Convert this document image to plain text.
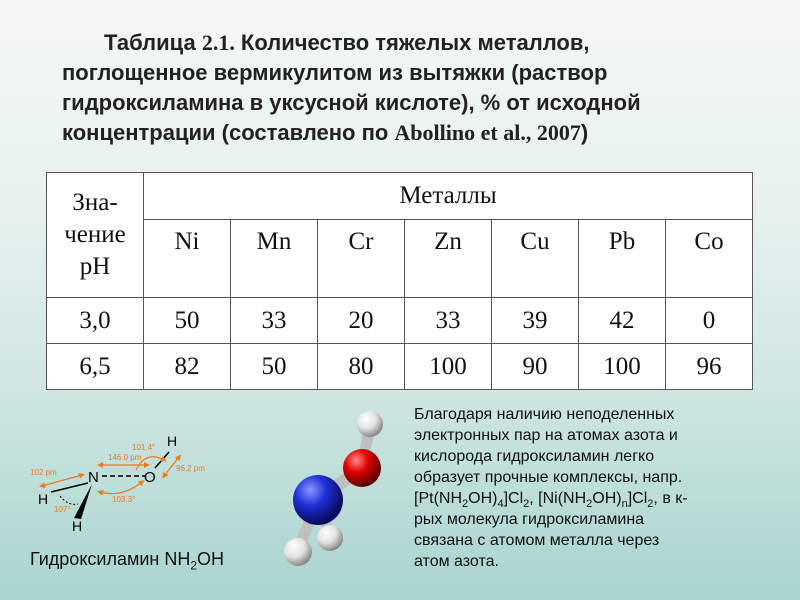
Таблица 2.1. Количество тяжелых металлов,
поглощенное вермикулитом из вытяжки (раствор
гидроксиламина в уксусной кислоте), % от исходной
концентрации (составлено по Abollino et al., 2007)
Зна-
чение
pH	Металлы						
	Ni	Mn	Cr	Zn	Cu	Pb	Co
3,0	50	33	20	33	39	42	0
6,5	82	50	80	100	90	100	96
N	O
H
H
H
146.0 pm
101.4°
96.2 pm
102 pm
107°
103.3°
Гидроксиламин $NH_2OH$
Благодаря наличию неподеленных
электронных пар на атомах азота и
кислорода гидроксиламин легко
образует прочные комплексы, напр.
$[Pt(NH_2OH)_4]Cl_2$, $[Ni(NH_2OH)_n]Cl_2$, в к-
рых молекула гидроксиламина
связана с атомом металла через
атом азота.
